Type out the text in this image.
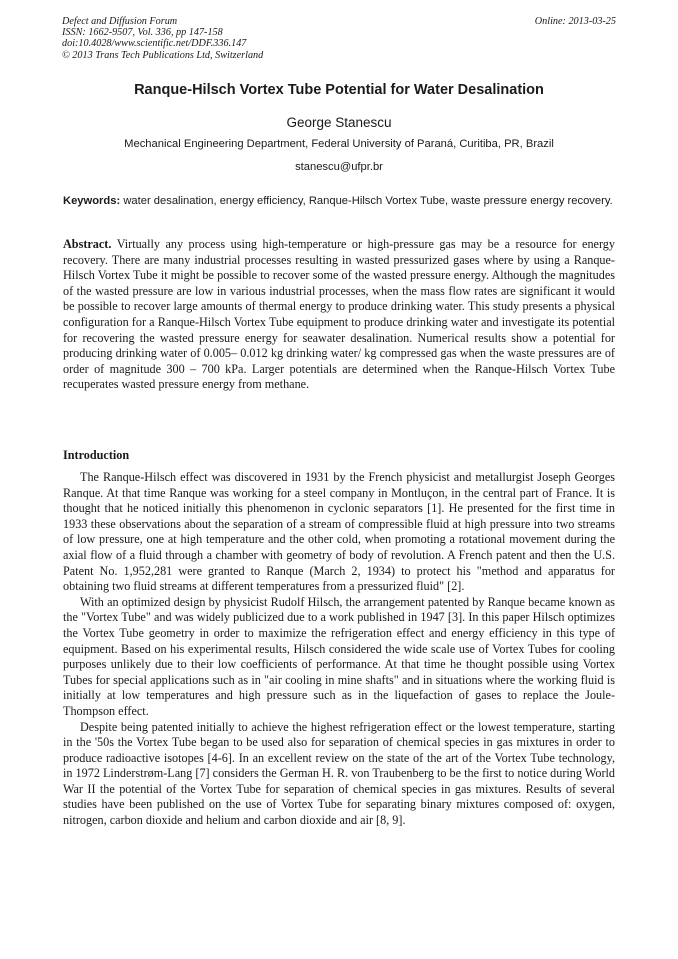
Defect and Diffusion Forum
ISSN: 1662-9507, Vol. 336, pp 147-158
doi:10.4028/www.scientific.net/DDF.336.147
© 2013 Trans Tech Publications Ltd, Switzerland
Online: 2013-03-25
Ranque-Hilsch Vortex Tube Potential for Water Desalination
George Stanescu
Mechanical Engineering Department, Federal University of Paraná, Curitiba, PR, Brazil
stanescu@ufpr.br
Keywords: water desalination, energy efficiency, Ranque-Hilsch Vortex Tube, waste pressure energy recovery.
Abstract. Virtually any process using high-temperature or high-pressure gas may be a resource for energy recovery. There are many industrial processes resulting in wasted pressurized gases where by using a Ranque-Hilsch Vortex Tube it might be possible to recover some of the wasted pressure energy. Although the magnitudes of the wasted pressure are low in various industrial processes, when the mass flow rates are significant it would be possible to recover large amounts of thermal energy to produce drinking water. This study presents a physical configuration for a Ranque-Hilsch Vortex Tube equipment to produce drinking water and investigate its potential for recovering the wasted pressure energy for seawater desalination. Numerical results show a potential for producing drinking water of 0.005– 0.012 kg drinking water/ kg compressed gas when the waste pressures are of order of magnitude 300 – 700 kPa. Larger potentials are determined when the Ranque-Hilsch Vortex Tube recuperates wasted pressure energy from methane.
Introduction

The Ranque-Hilsch effect was discovered in 1931 by the French physicist and metallurgist Joseph Georges Ranque. At that time Ranque was working for a steel company in Montluçon, in the central part of France. It is thought that he noticed initially this phenomenon in cyclonic separators [1]. He presented for the first time in 1933 these observations about the separation of a stream of compressible fluid at high pressure into two streams of low pressure, one at high temperature and the other cold, when promoting a rotational movement during the axial flow of a fluid through a chamber with geometry of body of revolution. A French patent and then the U.S. Patent No. 1,952,281 were granted to Ranque (March 2, 1934) to protect his "method and apparatus for obtaining two fluid streams at different temperatures from a pressurized fluid" [2].

With an optimized design by physicist Rudolf Hilsch, the arrangement patented by Ranque became known as the "Vortex Tube" and was widely publicized due to a work published in 1947 [3]. In this paper Hilsch optimizes the Vortex Tube geometry in order to maximize the refrigeration effect and energy efficiency in this type of equipment. Based on his experimental results, Hilsch considered the wide scale use of Vortex Tubes for cooling purposes unlikely due to their low coefficients of performance. At that time he thought possible using Vortex Tubes for special applications such as in "air cooling in mine shafts" and in situations where the working fluid is initially at low temperatures and high pressure such as in the liquefaction of gases to replace the Joule-Thompson effect.

Despite being patented initially to achieve the highest refrigeration effect or the lowest temperature, starting in the '50s the Vortex Tube began to be used also for separation of chemical species in gas mixtures in order to produce radioactive isotopes [4-6]. In an excellent review on the state of the art of the Vortex Tube technology, in 1972 Linderstrøm-Lang [7] considers the German H. R. von Traubenberg to be the first to notice during World War II the potential of the Vortex Tube for separation of chemical species in gas mixtures. Results of several studies have been published on the use of Vortex Tube for separating binary mixtures composed of: oxygen, nitrogen, carbon dioxide and helium and carbon dioxide and air [8, 9].
